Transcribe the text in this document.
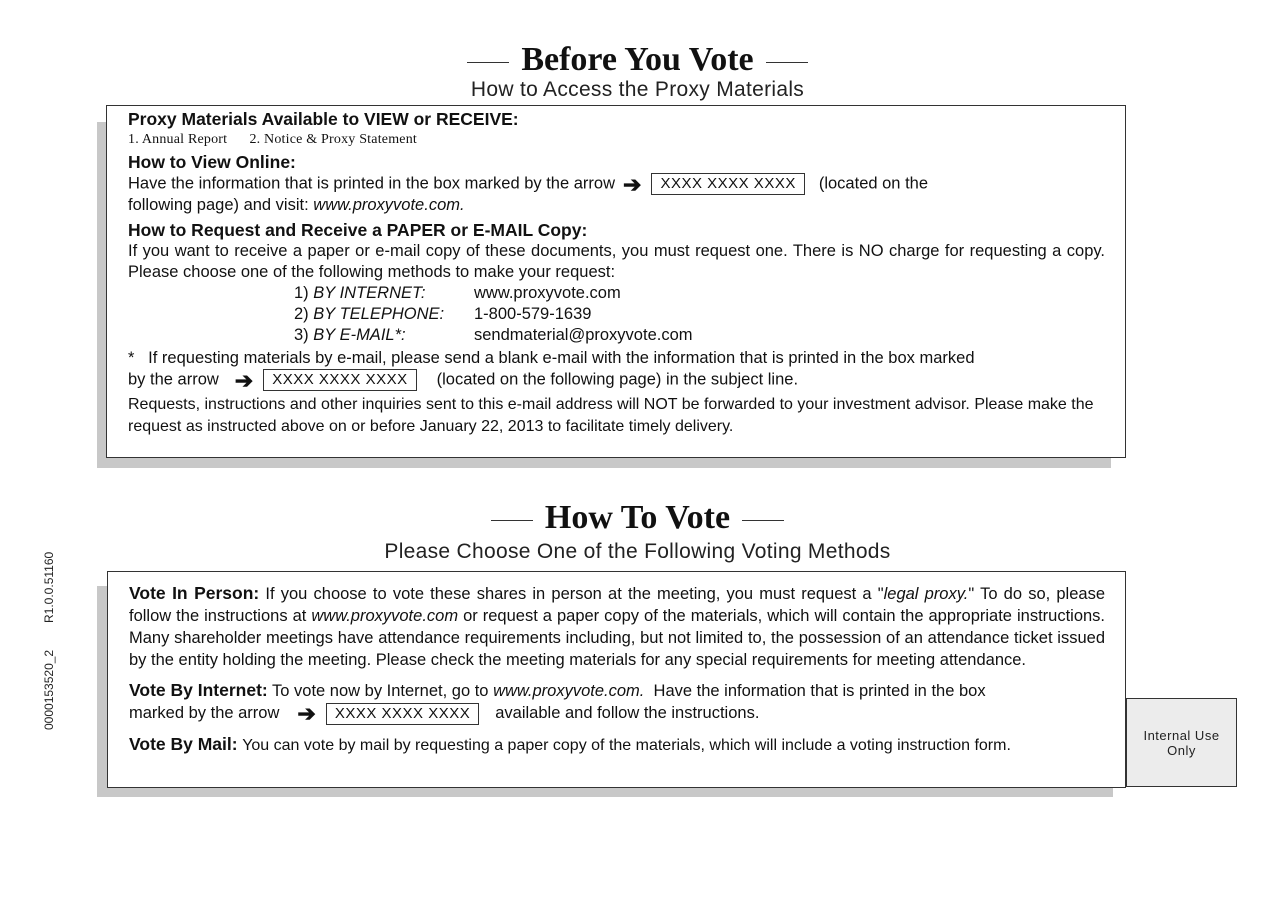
Before You Vote
How to Access the Proxy Materials

Proxy Materials Available to VIEW or RECEIVE:

1. Annual Report      2. Notice & Proxy Statement

How to View Online:

Have the information that is printed in the box marked by the arrow ➔ XXXX XXXX XXXX (located on the
following page) and visit: www.proxyvote.com.

How to Request and Receive a PAPER or E-MAIL Copy:

If you want to receive a paper or e-mail copy of these documents, you must request one. There is NO charge for requesting a copy. Please choose one of the following methods to make your request:

1) BY INTERNET:	www.proxyvote.com
2) BY TELEPHONE:	1-800-579-1639
3) BY E-MAIL*:	sendmaterial@proxyvote.com

*   If requesting materials by e-mail, please send a blank e-mail with the information that is printed in the box marked
by the arrow ➔ XXXX XXXX XXXX (located on the following page) in the subject line.

Requests, instructions and other inquiries sent to this e-mail address will NOT be forwarded to your investment advisor. Please make the request as instructed above on or before January 22, 2013 to facilitate timely delivery.

How To Vote
Please Choose One of the Following Voting Methods

Vote In Person: If you choose to vote these shares in person at the meeting, you must request a "legal proxy." To do so, please follow the instructions at www.proxyvote.com or request a paper copy of the materials, which will contain the appropriate instructions. Many shareholder meetings have attendance requirements including, but not limited to, the possession of an attendance ticket issued by the entity holding the meeting. Please check the meeting materials for any special requirements for meeting attendance.

Vote By Internet: To vote now by Internet, go to www.proxyvote.com. Have the information that is printed in the box
marked by the arrow ➔ XXXX XXXX XXXX available and follow the instructions.

Vote By Mail: You can vote by mail by requesting a paper copy of the materials, which will include a voting instruction form.

0000153520_2
R1.0.0.51160
Internal Use Only
